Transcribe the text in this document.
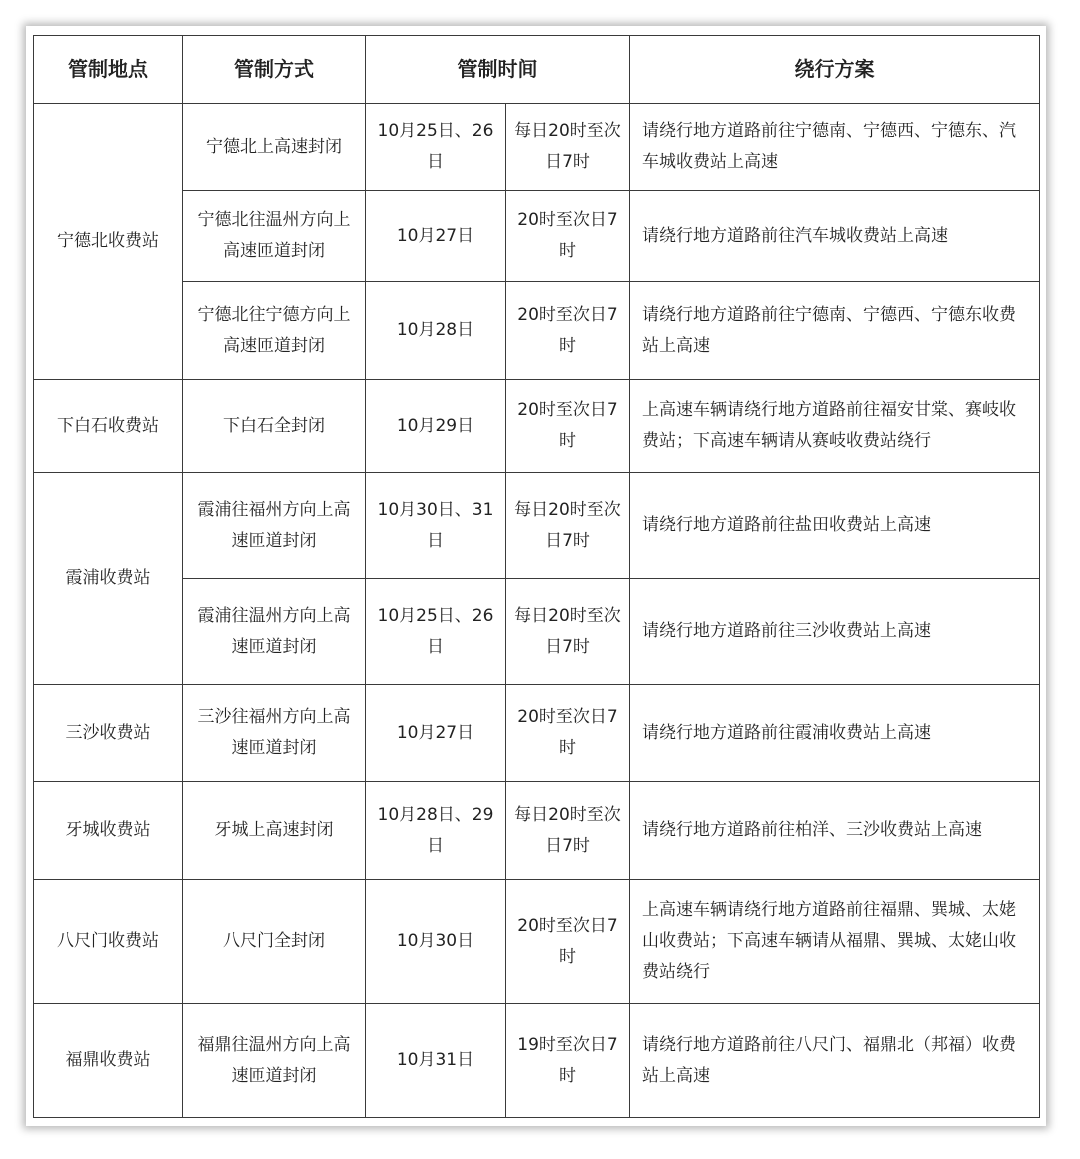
管制地点	管制方式	管制时间		绕行方案
宁德北收费站	宁德北上高速封闭	10月25日、26日	每日20时至次日7时	请绕行地方道路前往宁德南、宁德西、宁德东、汽车城收费站上高速
	宁德北往温州方向上高速匝道封闭	10月27日	20时至次日7时	请绕行地方道路前往汽车城收费站上高速
	宁德北往宁德方向上高速匝道封闭	10月28日	20时至次日7时	请绕行地方道路前往宁德南、宁德西、宁德东收费站上高速
下白石收费站	下白石全封闭	10月29日	20时至次日7时	上高速车辆请绕行地方道路前往福安甘棠、赛岐收费站；下高速车辆请从赛岐收费站绕行
霞浦收费站	霞浦往福州方向上高速匝道封闭	10月30日、31日	每日20时至次日7时	请绕行地方道路前往盐田收费站上高速
	霞浦往温州方向上高速匝道封闭	10月25日、26日	每日20时至次日7时	请绕行地方道路前往三沙收费站上高速
三沙收费站	三沙往福州方向上高速匝道封闭	10月27日	20时至次日7时	请绕行地方道路前往霞浦收费站上高速
牙城收费站	牙城上高速封闭	10月28日、29日	每日20时至次日7时	请绕行地方道路前往柏洋、三沙收费站上高速
八尺门收费站	八尺门全封闭	10月30日	20时至次日7时	上高速车辆请绕行地方道路前往福鼎、巽城、太姥山收费站；下高速车辆请从福鼎、巽城、太姥山收费站绕行
福鼎收费站	福鼎往温州方向上高速匝道封闭	10月31日	19时至次日7时	请绕行地方道路前往八尺门、福鼎北（邦福）收费站上高速
